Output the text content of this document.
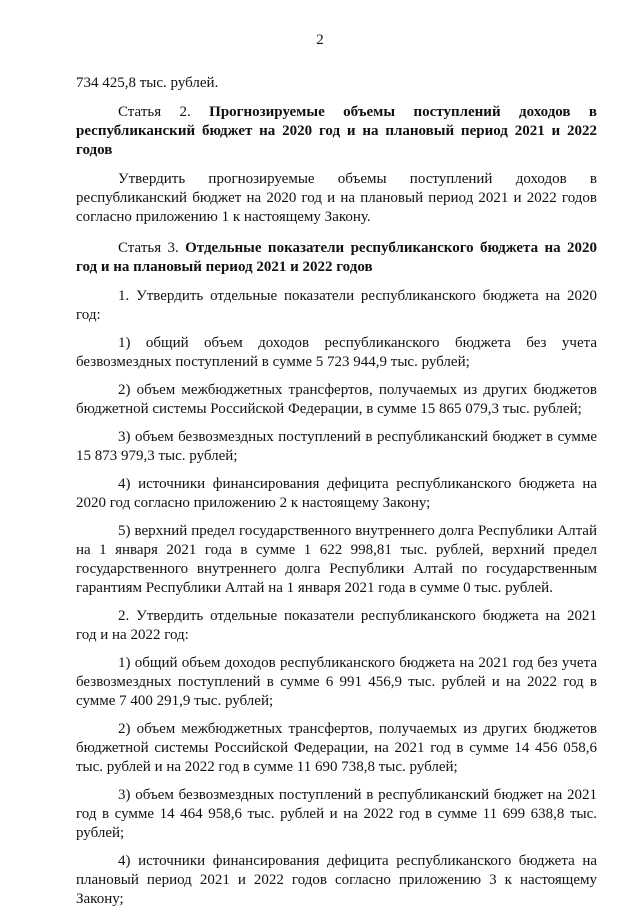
2

734 425,8 тыс. рублей.

Статья 2. Прогнозируемые объемы поступлений доходов в республиканский бюджет на 2020 год и на плановый период 2021 и 2022 годов

Утвердить прогнозируемые объемы поступлений доходов в республиканский бюджет на 2020 год и на плановый период 2021 и 2022 годов согласно приложению 1 к настоящему Закону.

Статья 3. Отдельные показатели республиканского бюджета на 2020 год и на плановый период 2021 и 2022 годов

1. Утвердить отдельные показатели республиканского бюджета на 2020 год:

1) общий объем доходов республиканского бюджета без учета безвозмездных поступлений в сумме 5 723 944,9 тыс. рублей;

2) объем межбюджетных трансфертов, получаемых из других бюджетов бюджетной системы Российской Федерации, в сумме 15 865 079,3 тыс. рублей;

3) объем безвозмездных поступлений в республиканский бюджет в сумме 15 873 979,3 тыс. рублей;

4) источники финансирования дефицита республиканского бюджета на 2020 год согласно приложению 2 к настоящему Закону;

5) верхний предел государственного внутреннего долга Республики Алтай на 1 января 2021 года в сумме 1 622 998,81 тыс. рублей, верхний предел государственного внутреннего долга Республики Алтай по государственным гарантиям Республики Алтай на 1 января 2021 года в сумме 0 тыс. рублей.

2. Утвердить отдельные показатели республиканского бюджета на 2021 год и на 2022 год:

1) общий объем доходов республиканского бюджета на 2021 год без учета безвозмездных поступлений в сумме 6 991 456,9 тыс. рублей и на 2022 год в сумме 7 400 291,9 тыс. рублей;

2) объем межбюджетных трансфертов, получаемых из других бюджетов бюджетной системы Российской Федерации, на 2021 год в сумме 14 456 058,6 тыс. рублей и на 2022 год в сумме 11 690 738,8 тыс. рублей;

3) объем безвозмездных поступлений в республиканский бюджет на 2021 год в сумме 14 464 958,6 тыс. рублей и на 2022 год в сумме 11 699 638,8 тыс. рублей;

4) источники финансирования дефицита республиканского бюджета на плановый период 2021 и 2022 годов согласно приложению 3 к настоящему Закону;
